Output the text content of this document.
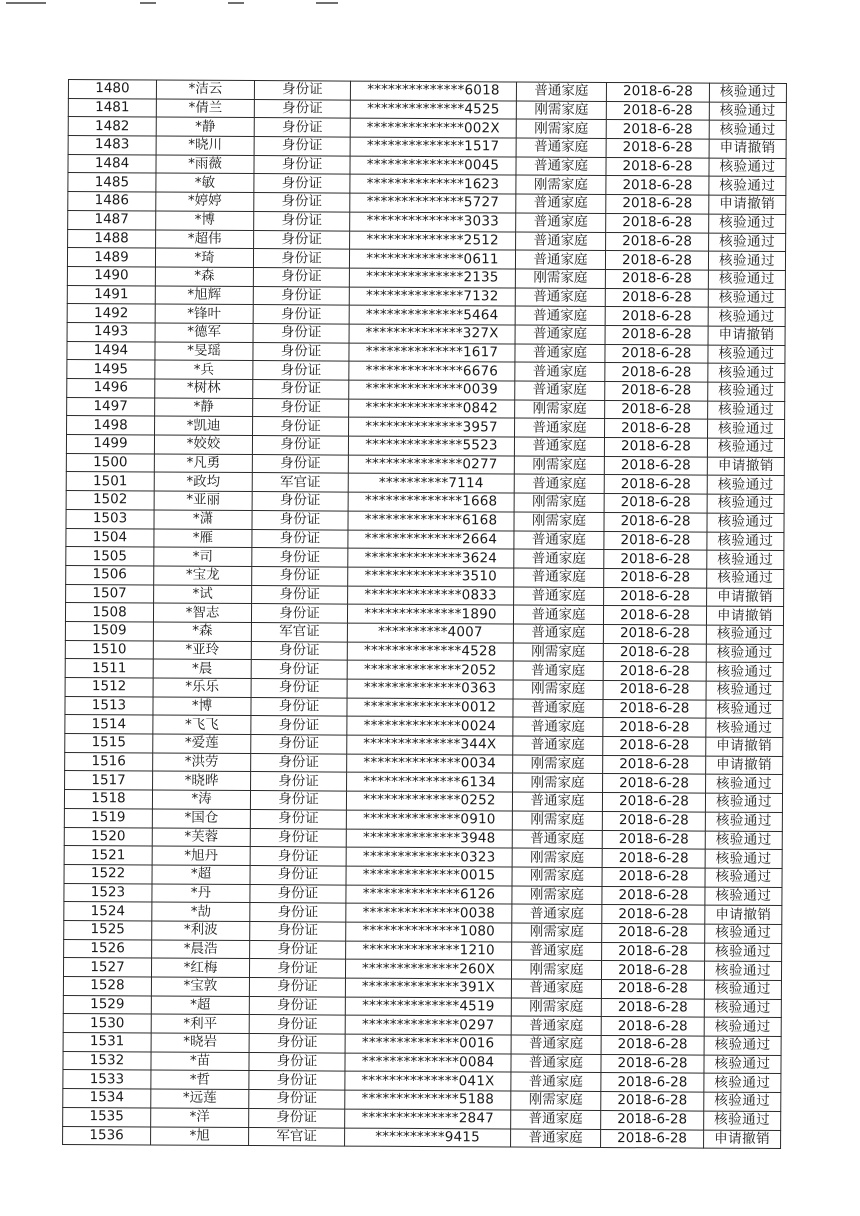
1480	*洁云	身份证	**************6018	普通家庭	2018-6-28	核验通过
1481	*倩兰	身份证	**************4525	刚需家庭	2018-6-28	核验通过
1482	*静	身份证	**************002X	刚需家庭	2018-6-28	核验通过
1483	*晓川	身份证	**************1517	普通家庭	2018-6-28	申请撤销
1484	*雨薇	身份证	**************0045	普通家庭	2018-6-28	核验通过
1485	*敏	身份证	**************1623	刚需家庭	2018-6-28	核验通过
1486	*婷婷	身份证	**************5727	普通家庭	2018-6-28	申请撤销
1487	*博	身份证	**************3033	普通家庭	2018-6-28	核验通过
1488	*超伟	身份证	**************2512	普通家庭	2018-6-28	核验通过
1489	*琦	身份证	**************0611	普通家庭	2018-6-28	核验通过
1490	*森	身份证	**************2135	刚需家庭	2018-6-28	核验通过
1491	*旭辉	身份证	**************7132	普通家庭	2018-6-28	核验通过
1492	*锋叶	身份证	**************5464	普通家庭	2018-6-28	核验通过
1493	*德军	身份证	**************327X	普通家庭	2018-6-28	申请撤销
1494	*旻瑶	身份证	**************1617	普通家庭	2018-6-28	核验通过
1495	*兵	身份证	**************6676	普通家庭	2018-6-28	核验通过
1496	*树林	身份证	**************0039	普通家庭	2018-6-28	核验通过
1497	*静	身份证	**************0842	刚需家庭	2018-6-28	核验通过
1498	*凯迪	身份证	**************3957	普通家庭	2018-6-28	核验通过
1499	*姣姣	身份证	**************5523	普通家庭	2018-6-28	核验通过
1500	*凡勇	身份证	**************0277	刚需家庭	2018-6-28	申请撤销
1501	*政均	军官证	**********7114	普通家庭	2018-6-28	核验通过
1502	*亚丽	身份证	**************1668	刚需家庭	2018-6-28	核验通过
1503	*潇	身份证	**************6168	刚需家庭	2018-6-28	核验通过
1504	*雁	身份证	**************2664	普通家庭	2018-6-28	核验通过
1505	*司	身份证	**************3624	普通家庭	2018-6-28	核验通过
1506	*宝龙	身份证	**************3510	普通家庭	2018-6-28	核验通过
1507	*试	身份证	**************0833	普通家庭	2018-6-28	申请撤销
1508	*智志	身份证	**************1890	普通家庭	2018-6-28	申请撤销
1509	*森	军官证	**********4007	普通家庭	2018-6-28	核验通过
1510	*亚玲	身份证	**************4528	刚需家庭	2018-6-28	核验通过
1511	*晨	身份证	**************2052	普通家庭	2018-6-28	核验通过
1512	*乐乐	身份证	**************0363	刚需家庭	2018-6-28	核验通过
1513	*博	身份证	**************0012	普通家庭	2018-6-28	核验通过
1514	*飞飞	身份证	**************0024	普通家庭	2018-6-28	核验通过
1515	*爱莲	身份证	**************344X	普通家庭	2018-6-28	申请撤销
1516	*洪劳	身份证	**************0034	刚需家庭	2018-6-28	申请撤销
1517	*晓晔	身份证	**************6134	刚需家庭	2018-6-28	核验通过
1518	*涛	身份证	**************0252	普通家庭	2018-6-28	核验通过
1519	*国仓	身份证	**************0910	刚需家庭	2018-6-28	核验通过
1520	*芙蓉	身份证	**************3948	普通家庭	2018-6-28	核验通过
1521	*旭丹	身份证	**************0323	刚需家庭	2018-6-28	核验通过
1522	*超	身份证	**************0015	刚需家庭	2018-6-28	核验通过
1523	*丹	身份证	**************6126	刚需家庭	2018-6-28	核验通过
1524	*劼	身份证	**************0038	普通家庭	2018-6-28	申请撤销
1525	*利波	身份证	**************1080	刚需家庭	2018-6-28	核验通过
1526	*晨浩	身份证	**************1210	普通家庭	2018-6-28	核验通过
1527	*红梅	身份证	**************260X	刚需家庭	2018-6-28	核验通过
1528	*宝敦	身份证	**************391X	普通家庭	2018-6-28	核验通过
1529	*超	身份证	**************4519	刚需家庭	2018-6-28	核验通过
1530	*利平	身份证	**************0297	普通家庭	2018-6-28	核验通过
1531	*晓岩	身份证	**************0016	普通家庭	2018-6-28	核验通过
1532	*苗	身份证	**************0084	普通家庭	2018-6-28	核验通过
1533	*哲	身份证	**************041X	普通家庭	2018-6-28	核验通过
1534	*远莲	身份证	**************5188	刚需家庭	2018-6-28	核验通过
1535	*洋	身份证	**************2847	普通家庭	2018-6-28	核验通过
1536	*旭	军官证	**********9415	普通家庭	2018-6-28	申请撤销
